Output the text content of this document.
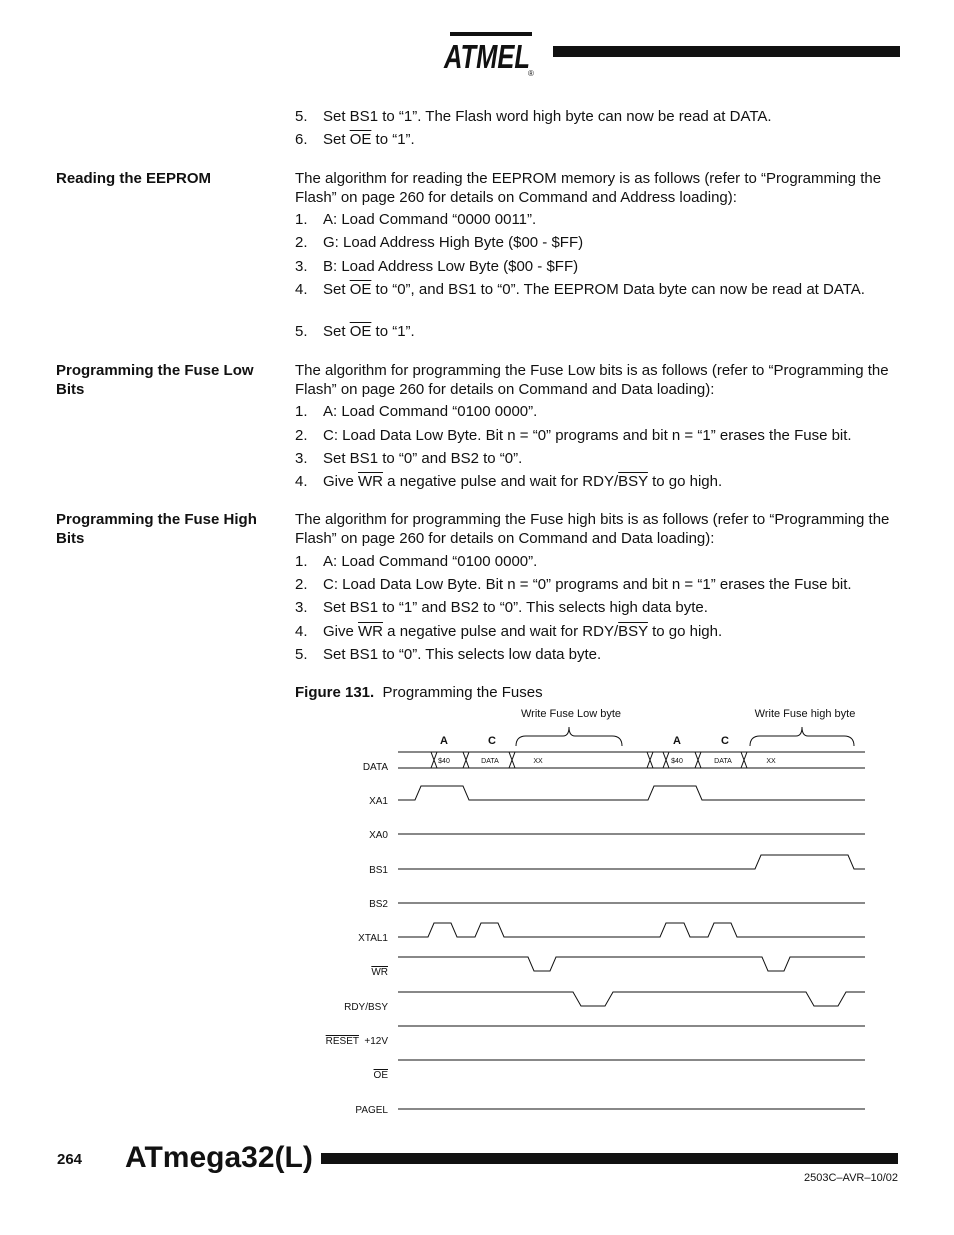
ATMEL
®
5. Set BS1 to “1”. The Flash word high byte can now be read at DATA.
6. Set $\overline{OE}$ to “1”.
Reading the EEPROM	The algorithm for reading the EEPROM memory is as follows (refer to “Programming the Flash” on page 260 for details on Command and Address loading):
1. A: Load Command “0000 0011”.
2. G: Load Address High Byte ($00 - $FF)
3. B: Load Address Low Byte ($00 - $FF)
4. Set $\overline{OE}$ to “0”, and BS1 to “0”. The EEPROM Data byte can now be read at DATA.
5. Set $\overline{OE}$ to “1”.
Programming the Fuse Low Bits
The algorithm for programming the Fuse Low bits is as follows (refer to “Programming the Flash” on page 260 for details on Command and Data loading):
1. A: Load Command “0100 0000”.
2. C: Load Data Low Byte. Bit n = “0” programs and bit n = “1” erases the Fuse bit.
3. Set BS1 to “0” and BS2 to “0”.
4. Give $\overline{WR}$ a negative pulse and wait for RDY/$\overline{BSY}$ to go high.
Programming the Fuse High Bits
The algorithm for programming the Fuse high bits is as follows (refer to “Programming the Flash” on page 260 for details on Command and Data loading):
1. A: Load Command “0100 0000”.
2. C: Load Data Low Byte. Bit n = “0” programs and bit n = “1” erases the Fuse bit.
3. Set BS1 to “1” and BS2 to “0”. This selects high data byte.
4. Give $\overline{WR}$ a negative pulse and wait for RDY/$\overline{BSY}$ to go high.
5. Set BS1 to “0”. This selects low data byte.
Figure 131. Programming the Fuses
Write Fuse Low byte	Write Fuse high byte
A	C	A	C
DATA
XA1
XA0
BS1
BS2
XTAL1
WR
RDY/BSY
RESET +12V
OE
PAGEL
$40	DATA	XX	$40	DATA	XX
264 ATmega32(L)
2503C–AVR–10/02
